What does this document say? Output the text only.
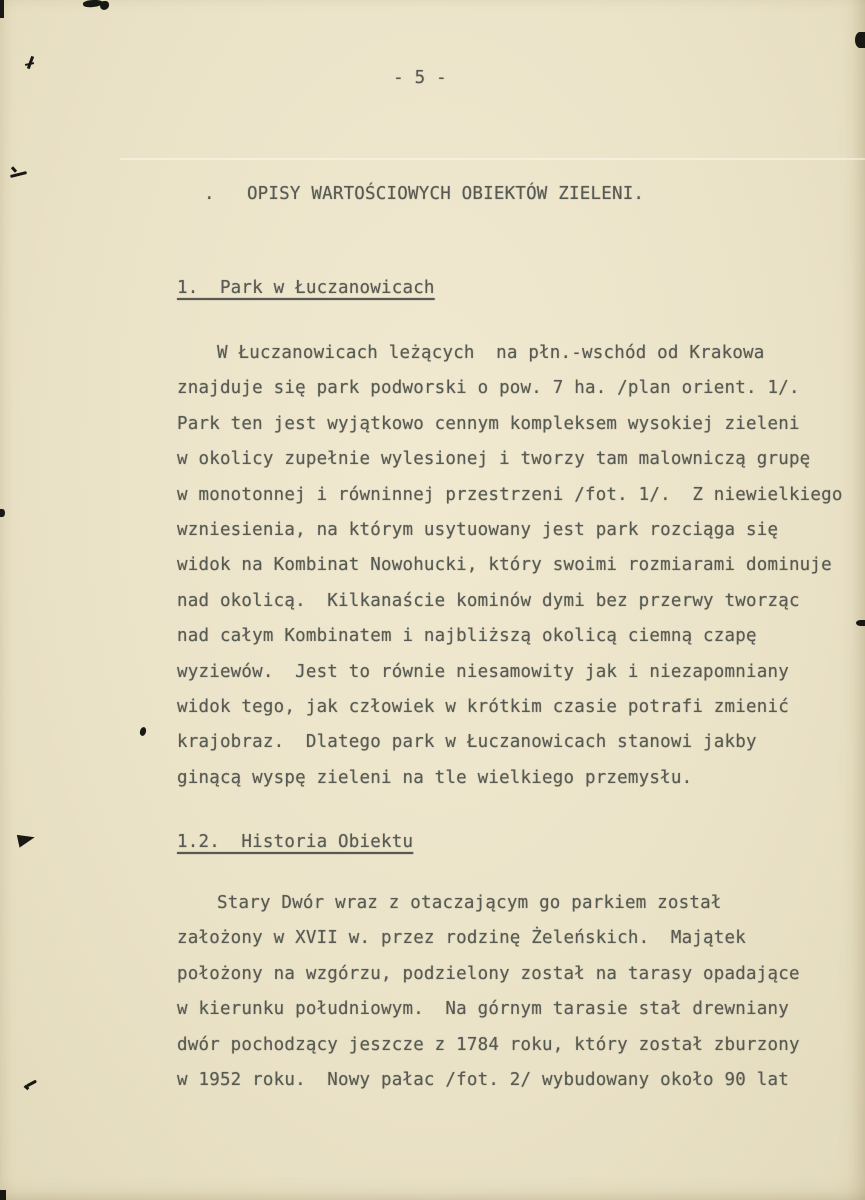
- 5 -
.   OPISY WARTOŚCIOWYCH OBIEKTÓW ZIELENI.
1.  Park w Łuczanowicach
W Łuczanowicach leżących  na płn.-wschód od Krakowa
znajduje się park podworski o pow. 7 ha. /plan orient. 1/.
Park ten jest wyjątkowo cennym kompleksem wysokiej zieleni
w okolicy zupełnie wylesionej i tworzy tam malowniczą grupę
w monotonnej i równinnej przestrzeni /fot. 1/.  Z niewielkiego
wzniesienia, na którym usytuowany jest park rozciąga się
widok na Kombinat Nowohucki, który swoimi rozmiarami dominuje
nad okolicą.  Kilkanaście kominów dymi bez przerwy tworząc
nad całym Kombinatem i najbliższą okolicą ciemną czapę
wyziewów.  Jest to równie niesamowity jak i niezapomniany
widok tego, jak człowiek w krótkim czasie potrafi zmienić
krajobraz.  Dlatego park w Łuczanowicach stanowi jakby
ginącą wyspę zieleni na tle wielkiego przemysłu.
1.2.  Historia Obiektu
Stary Dwór wraz z otaczającym go parkiem został
założony w XVII w. przez rodzinę Żeleńskich.  Majątek
położony na wzgórzu, podzielony został na tarasy opadające
w kierunku południowym.  Na górnym tarasie stał drewniany
dwór pochodzący jeszcze z 1784 roku, który został zburzony
w 1952 roku.  Nowy pałac /fot. 2/ wybudowany około 90 lat
